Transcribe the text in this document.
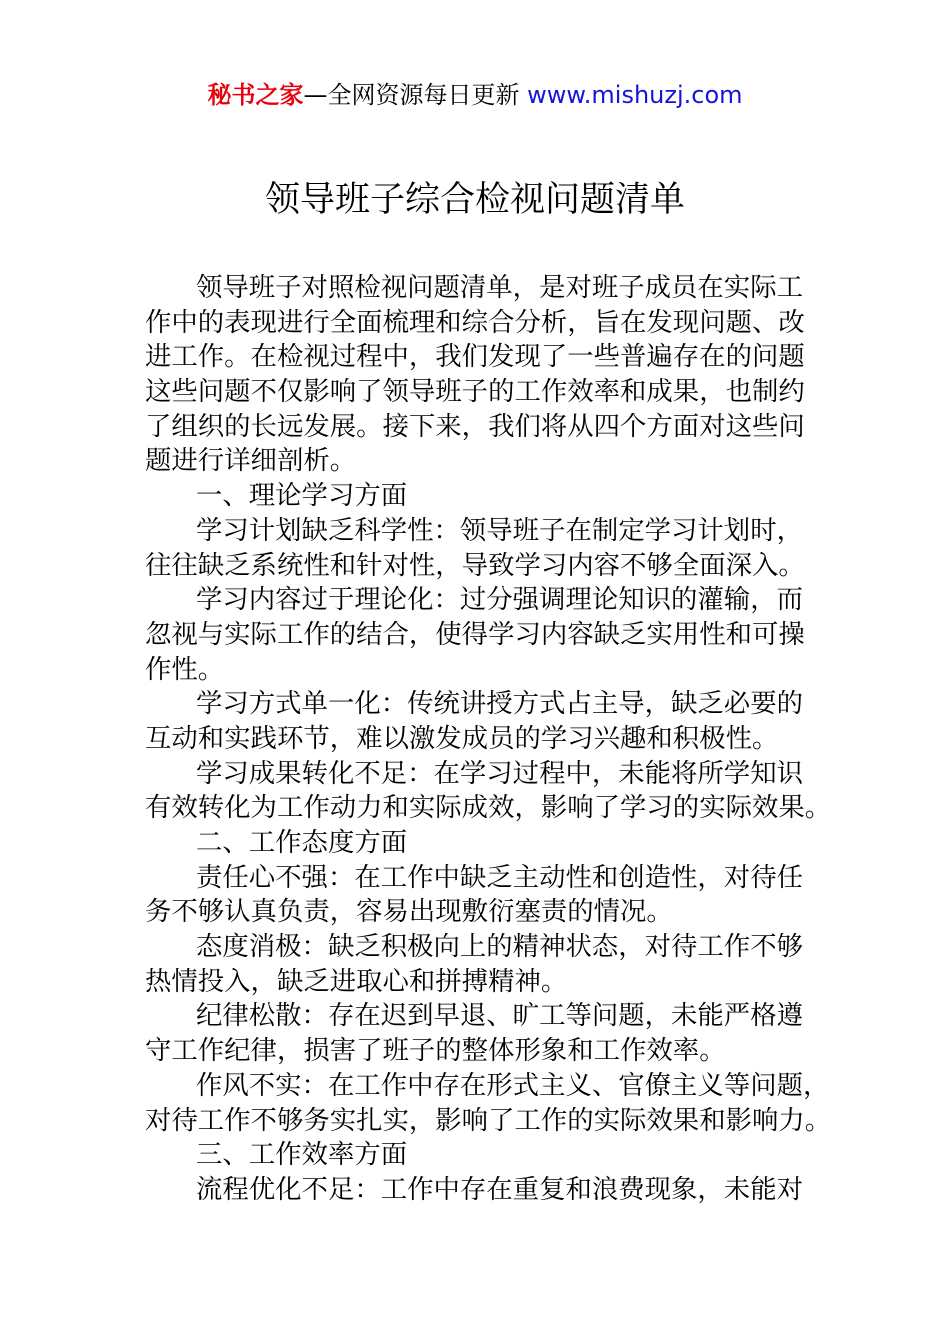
秘书之家—全网资源每日更新 www.mishuzj.com
领导班子综合检视问题清单
领导班子对照检视问题清单，是对班子成员在实际工
作中的表现进行全面梳理和综合分析，旨在发现问题、改
进工作。在检视过程中，我们发现了一些普遍存在的问题
这些问题不仅影响了领导班子的工作效率和成果，也制约
了组织的长远发展。接下来，我们将从四个方面对这些问
题进行详细剖析。
一、理论学习方面
学习计划缺乏科学性：领导班子在制定学习计划时，
往往缺乏系统性和针对性，导致学习内容不够全面深入。
学习内容过于理论化：过分强调理论知识的灌输，而
忽视与实际工作的结合，使得学习内容缺乏实用性和可操
作性。
学习方式单一化：传统讲授方式占主导，缺乏必要的
互动和实践环节，难以激发成员的学习兴趣和积极性。
学习成果转化不足：在学习过程中，未能将所学知识
有效转化为工作动力和实际成效，影响了学习的实际效果。
二、工作态度方面
责任心不强：在工作中缺乏主动性和创造性，对待任
务不够认真负责，容易出现敷衍塞责的情况。
态度消极：缺乏积极向上的精神状态，对待工作不够
热情投入，缺乏进取心和拼搏精神。
纪律松散：存在迟到早退、旷工等问题，未能严格遵
守工作纪律，损害了班子的整体形象和工作效率。
作风不实：在工作中存在形式主义、官僚主义等问题，
对待工作不够务实扎实，影响了工作的实际效果和影响力。
三、工作效率方面
流程优化不足：工作中存在重复和浪费现象，未能对
